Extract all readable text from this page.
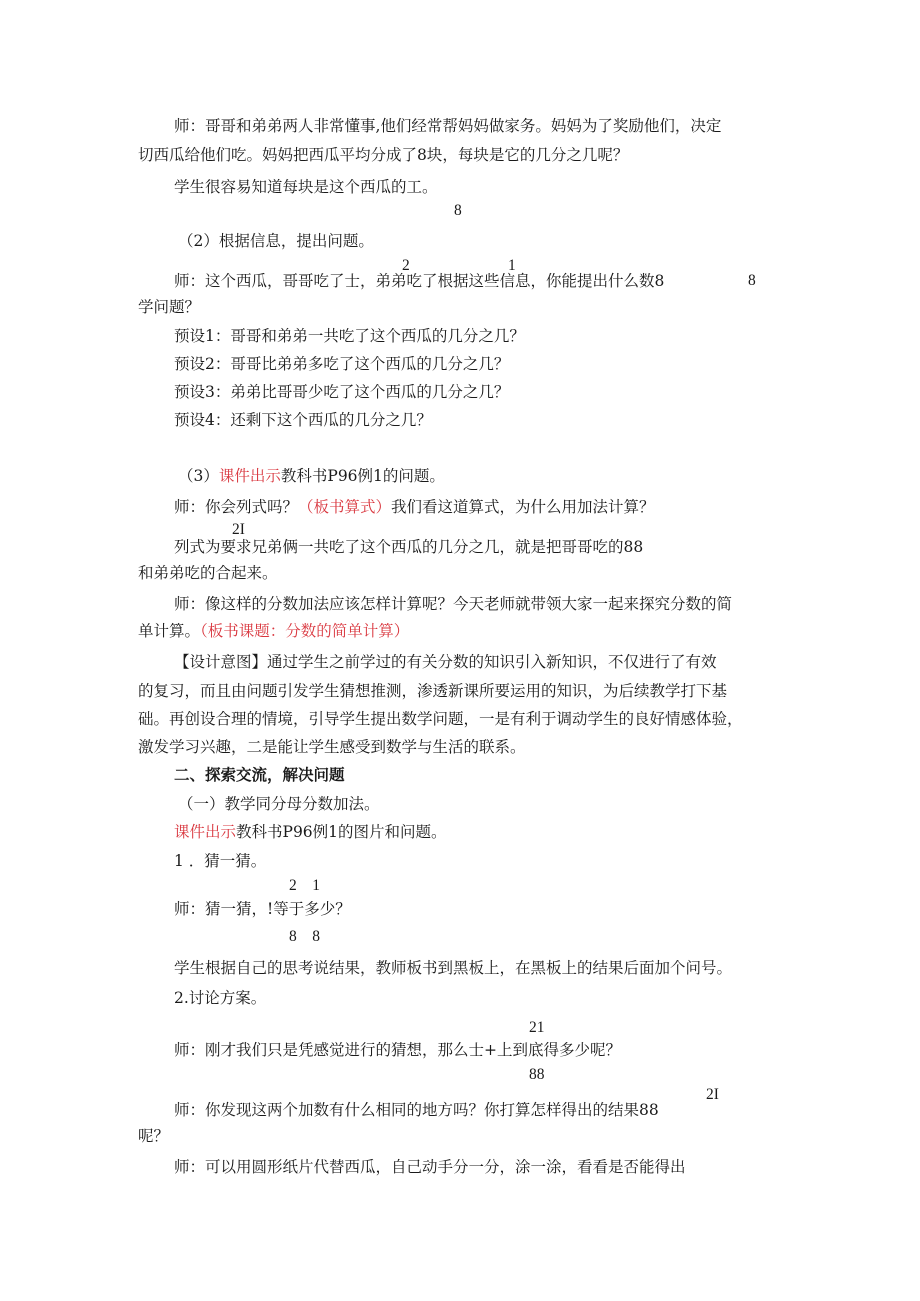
师：哥哥和弟弟两人非常懂事,他们经常帮妈妈做家务。妈妈为了奖励他们，决定
切西瓜给他们吃。妈妈把西瓜平均分成了8块，每块是它的几分之几呢？
学生很容易知道每块是这个西瓜的工。
8
（2）根据信息，提出问题。
2	1
师：这个西瓜，哥哥吃了士，弟弟吃了根据这些信息，你能提出什么数8	8
学问题？
预设1：哥哥和弟弟一共吃了这个西瓜的几分之几？
预设2：哥哥比弟弟多吃了这个西瓜的几分之几？
预设3：弟弟比哥哥少吃了这个西瓜的几分之几？
预设4：还剩下这个西瓜的几分之几？
（3）课件出示教科书P96例1的问题。
师：你会列式吗？（板书算式）我们看这道算式，为什么用加法计算？
2I
列式为要求兄弟俩一共吃了这个西瓜的几分之几，就是把哥哥吃的88
和弟弟吃的合起来。
师：像这样的分数加法应该怎样计算呢？今天老师就带领大家一起来探究分数的简
单计算。（板书课题：分数的简单计算）
【设计意图】通过学生之前学过的有关分数的知识引入新知识，不仅进行了有效
的复习，而且由问题引发学生猜想推测，渗透新课所要运用的知识，为后续教学打下基
础。再创设合理的情境，引导学生提出数学问题，一是有利于调动学生的良好情感体验，
激发学习兴趣，二是能让学生感受到数学与生活的联系。
二、探索交流，解决问题
（一）教学同分母分数加法。
课件出示教科书P96例1的图片和问题。
1 ．猜一猜。
2　1
师：猜一猜，!等于多少？
8　8
学生根据自己的思考说结果，教师板书到黑板上，在黑板上的结果后面加个问号。
2.讨论方案。
21
师：刚才我们只是凭感觉进行的猜想，那么士+上到底得多少呢？
88
师：你发现这两个加数有什么相同的地方吗？你打算怎样得出的结果88
2I
呢？
师：可以用圆形纸片代替西瓜，自己动手分一分，涂一涂，看看是否能得出
